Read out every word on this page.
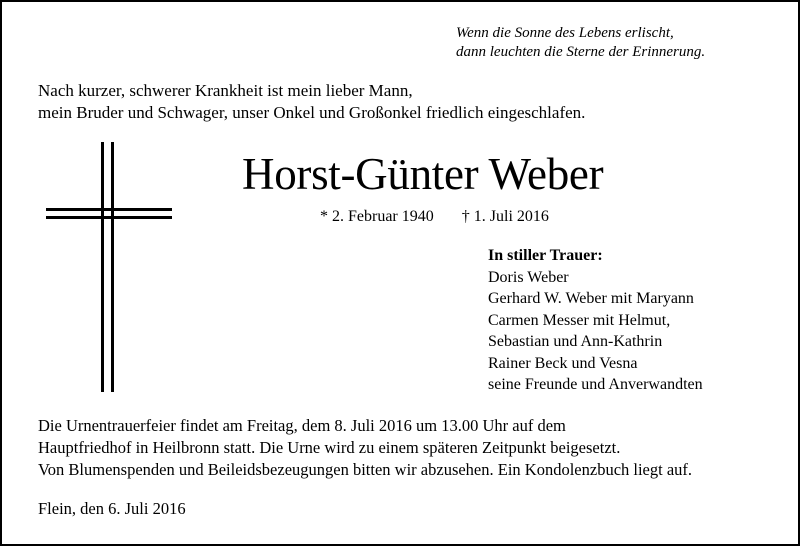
Wenn die Sonne des Lebens erlischt,
dann leuchten die Sterne der Erinnerung.
Nach kurzer, schwerer Krankheit ist mein lieber Mann,
mein Bruder und Schwager, unser Onkel und Großonkel friedlich eingeschlafen.
Horst-Günter Weber
* 2. Februar 1940 † 1. Juli 2016
In stiller Trauer:
Doris Weber
Gerhard W. Weber mit Maryann
Carmen Messer mit Helmut,
Sebastian und Ann-Kathrin
Rainer Beck und Vesna
seine Freunde und Anverwandten
Die Urnentrauerfeier findet am Freitag, dem 8. Juli 2016 um 13.00 Uhr auf dem
Hauptfriedhof in Heilbronn statt. Die Urne wird zu einem späteren Zeitpunkt beigesetzt.
Von Blumenspenden und Beileidsbezeugungen bitten wir abzusehen. Ein Kondolenzbuch liegt auf.
Flein, den 6. Juli 2016
